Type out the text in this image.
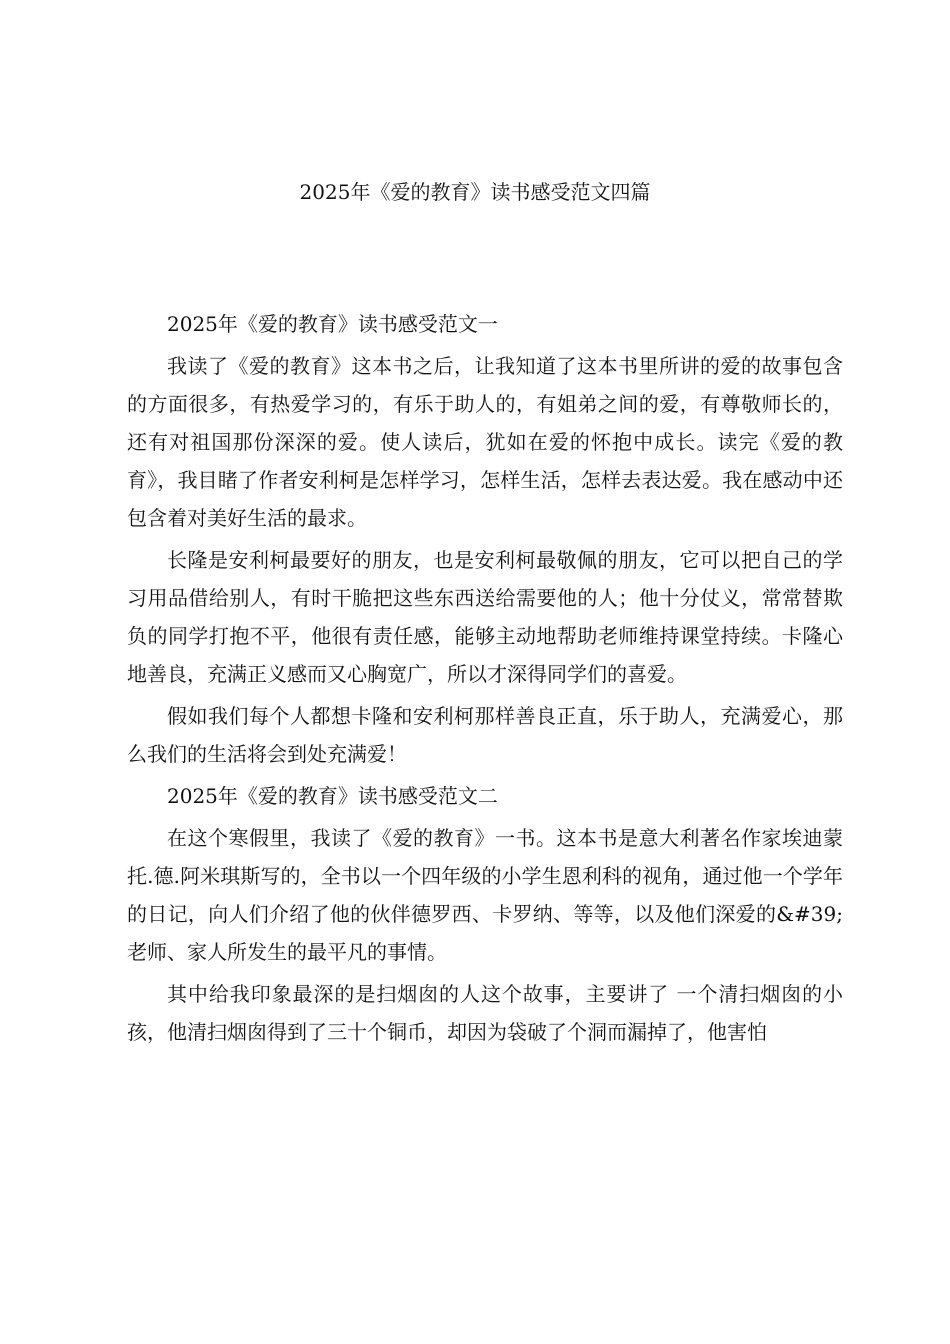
2025年《爱的教育》读书感受范文四篇

2025年《爱的教育》读书感受范文一

我读了《爱的教育》这本书之后，让我知道了这本书里所讲的爱的故事包含的方面很多，有热爱学习的，有乐于助人的，有姐弟之间的爱，有尊敬师长的，还有对祖国那份深深的爱。使人读后，犹如在爱的怀抱中成长。读完《爱的教育》，我目睹了作者安利柯是怎样学习，怎样生活，怎样去表达爱。我在感动中还包含着对美好生活的最求。

长隆是安利柯最要好的朋友，也是安利柯最敬佩的朋友，它可以把自己的学习用品借给别人，有时干脆把这些东西送给需要他的人；他十分仗义，常常替欺负的同学打抱不平，他很有责任感，能够主动地帮助老师维持课堂持续。卡隆心地善良，充满正义感而又心胸宽广，所以才深得同学们的喜爱。

假如我们每个人都想卡隆和安利柯那样善良正直，乐于助人，充满爱心，那么我们的生活将会到处充满爱！

2025年《爱的教育》读书感受范文二

在这个寒假里，我读了《爱的教育》一书。这本书是意大利著名作家埃迪蒙托.德.阿米琪斯写的，全书以一个四年级的小学生恩利科的视角，通过他一个学年的日记，向人们介绍了他的伙伴德罗西、卡罗纳、等等，以及他们深爱的&#39;老师、家人所发生的最平凡的事情。

其中给我印象最深的是扫烟囱的人这个故事，主要讲了 一个清扫烟囱的小孩，他清扫烟囱得到了三十个铜币，却因为袋破了个洞而漏掉了，他害怕
